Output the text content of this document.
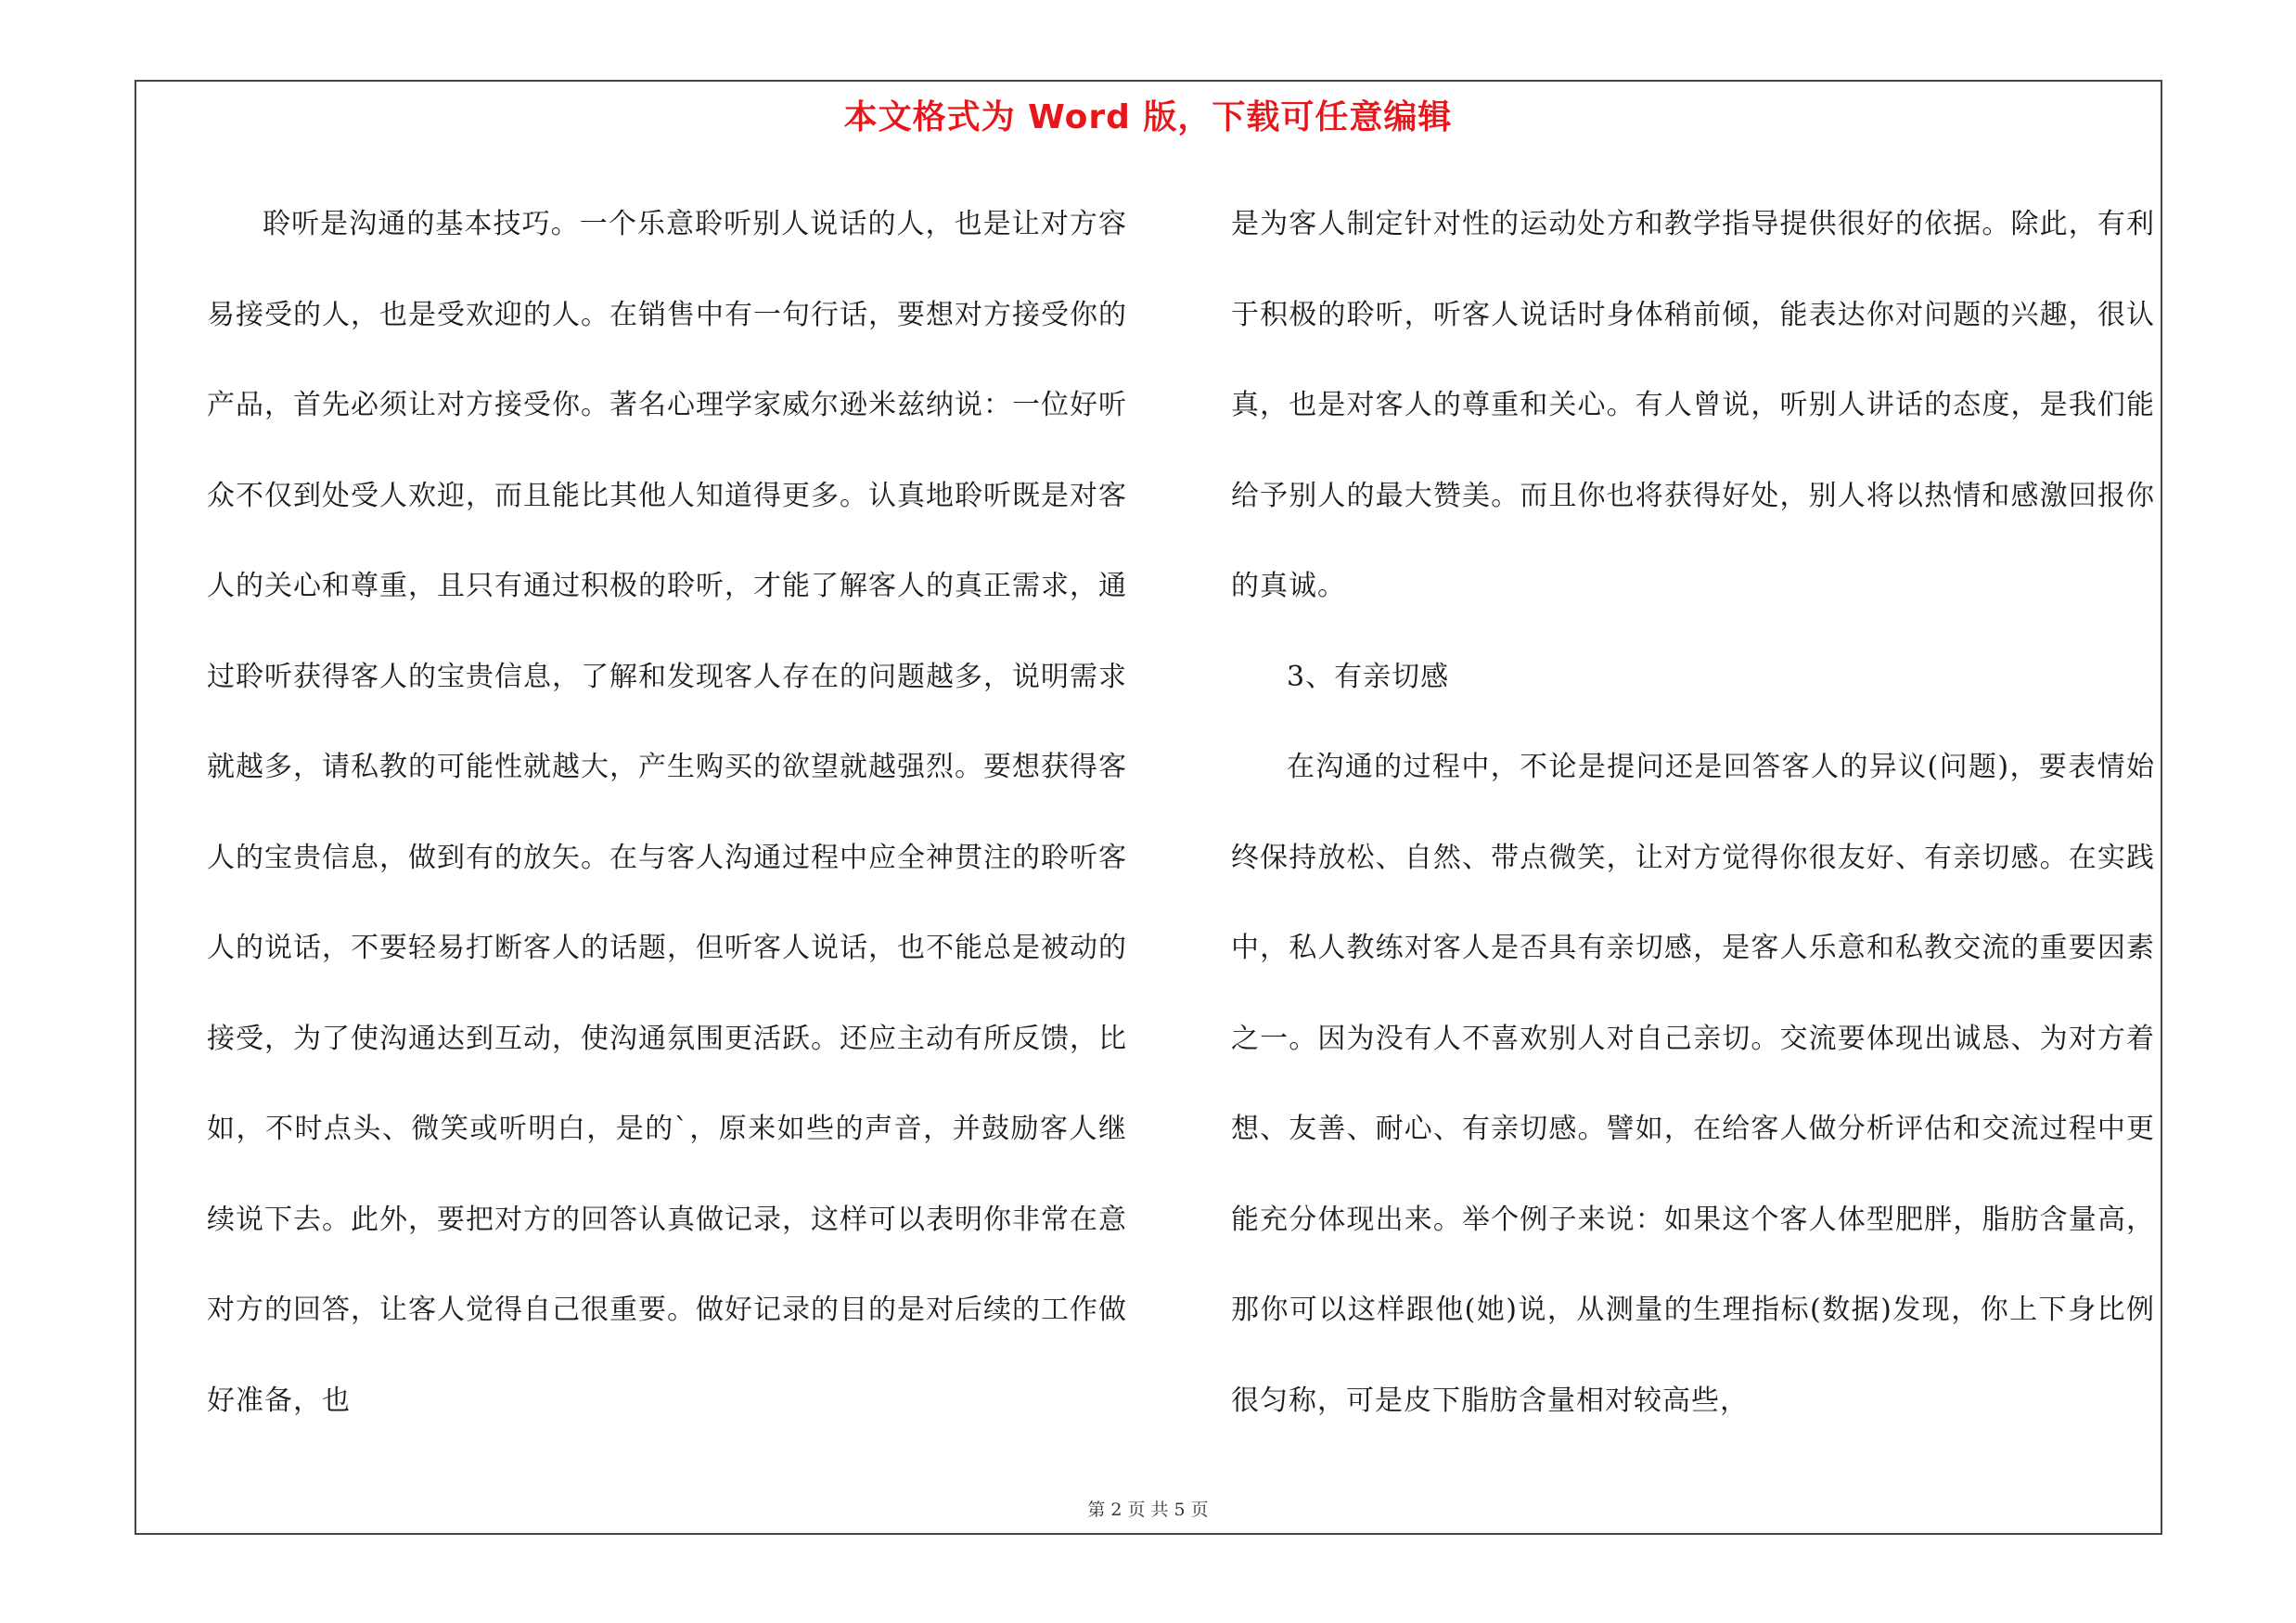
本文格式为 Word 版，下载可任意编辑

聆听是沟通的基本技巧。一个乐意聆听别人说话的人，也是让对方容易接受的人，也是受欢迎的人。在销售中有一句行话，要想对方接受你的产品，首先必须让对方接受你。著名心理学家威尔逊米兹纳说：一位好听众不仅到处受人欢迎，而且能比其他人知道得更多。认真地聆听既是对客人的关心和尊重，且只有通过积极的聆听，才能了解客人的真正需求，通过聆听获得客人的宝贵信息，了解和发现客人存在的问题越多，说明需求就越多，请私教的可能性就越大，产生购买的欲望就越强烈。要想获得客人的宝贵信息，做到有的放矢。在与客人沟通过程中应全神贯注的聆听客人的说话，不要轻易打断客人的话题，但听客人说话，也不能总是被动的接受，为了使沟通达到互动，使沟通氛围更活跃。还应主动有所反馈，比如，不时点头、微笑或听明白，是的`，原来如些的声音，并鼓励客人继续说下去。此外，要把对方的回答认真做记录，这样可以表明你非常在意对方的回答，让客人觉得自己很重要。做好记录的目的是对后续的工作做好准备，也

是为客人制定针对性的运动处方和教学指导提供很好的依据。除此，有利于积极的聆听，听客人说话时身体稍前倾，能表达你对问题的兴趣，很认真，也是对客人的尊重和关心。有人曾说，听别人讲话的态度，是我们能给予别人的最大赞美。而且你也将获得好处，别人将以热情和感激回报你的真诚。

3、有亲切感

在沟通的过程中，不论是提问还是回答客人的异议(问题)，要表情始终保持放松、自然、带点微笑，让对方觉得你很友好、有亲切感。在实践中，私人教练对客人是否具有亲切感，是客人乐意和私教交流的重要因素之一。因为没有人不喜欢别人对自己亲切。交流要体现出诚恳、为对方着想、友善、耐心、有亲切感。譬如，在给客人做分析评估和交流过程中更能充分体现出来。举个例子来说：如果这个客人体型肥胖，脂肪含量高，那你可以这样跟他(她)说，从测量的生理指标(数据)发现，你上下身比例很匀称，可是皮下脂肪含量相对较高些，

第 2 页 共 5 页
